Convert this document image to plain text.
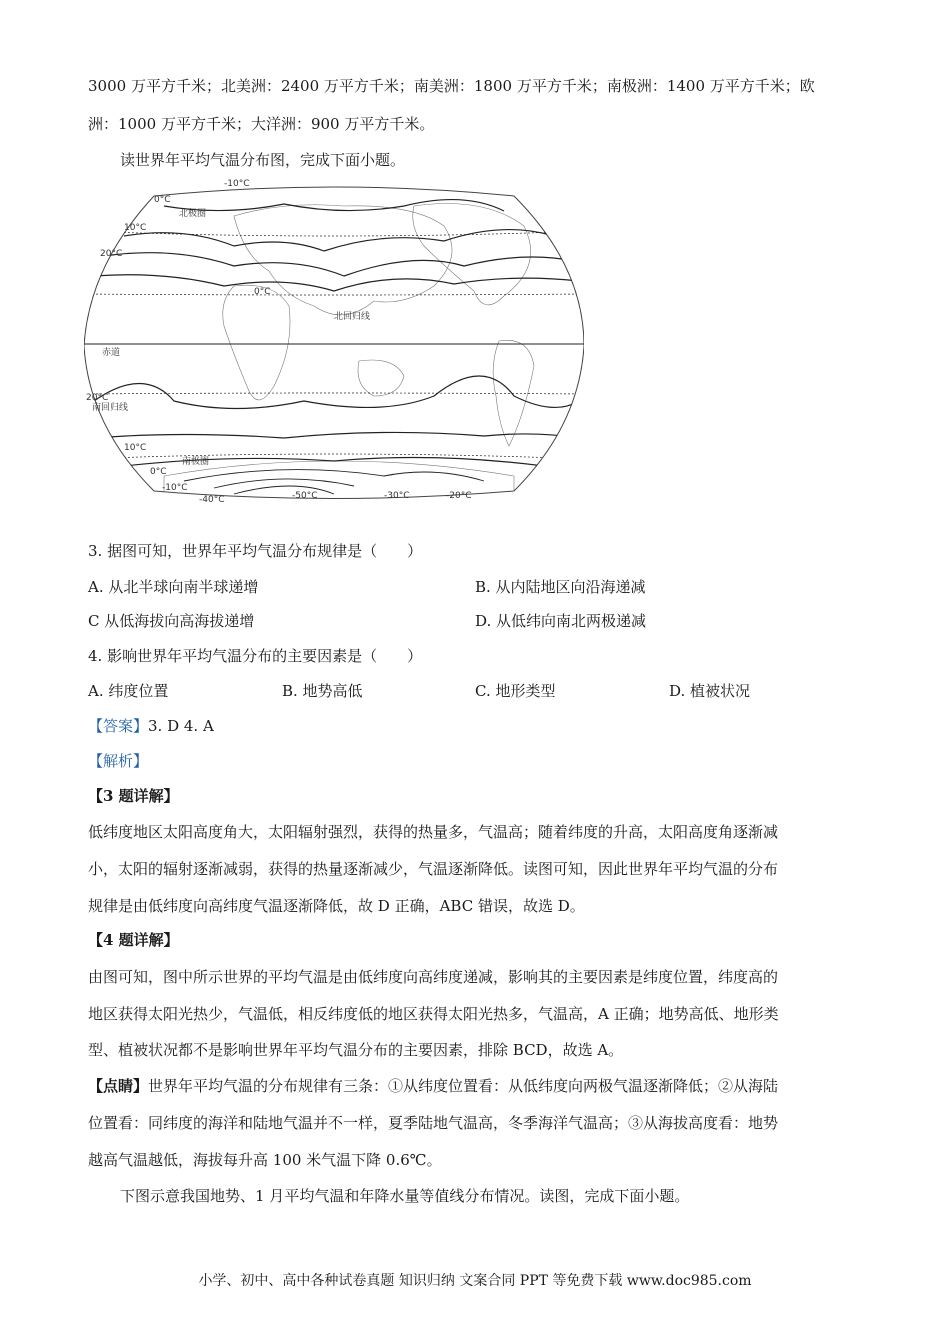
3000 万平方千米；北美洲：2400 万平方千米；南美洲：1800 万平方千米；南极洲：1400 万平方千米；欧
洲：1000 万平方千米；大洋洲：900 万平方千米。
读世界年平均气温分布图，完成下面小题。
-10°C
0°C
北极圈
10°C
20°C
0°C
北回归线
赤道
20°C
南回归线
10°C
南极圈
0°C
-10°C
-40°C	-50°C	-30°C	-20°C
3. 据图可知，世界年平均气温分布规律是（　　）
A. 从北半球向南半球递增	B. 从内陆地区向沿海递减
C 从低海拔向高海拔递增	D. 从低纬向南北两极递减
4. 影响世界年平均气温分布的主要因素是（　　）
A. 纬度位置	B. 地势高低	C. 地形类型	D. 植被状况
【答案】3. D 4. A
【解析】
【3 题详解】
低纬度地区太阳高度角大，太阳辐射强烈，获得的热量多，气温高；随着纬度的升高，太阳高度角逐渐减
小，太阳的辐射逐渐减弱，获得的热量逐渐减少，气温逐渐降低。读图可知，因此世界年平均气温的分布
规律是由低纬度向高纬度气温逐渐降低，故 D 正确，ABC 错误，故选 D。
【4 题详解】
由图可知，图中所示世界的平均气温是由低纬度向高纬度递减，影响其的主要因素是纬度位置，纬度高的
地区获得太阳光热少，气温低，相反纬度低的地区获得太阳光热多，气温高，A 正确；地势高低、地形类
型、植被状况都不是影响世界年平均气温分布的主要因素，排除 BCD，故选 A。
【点睛】世界年平均气温的分布规律有三条：①从纬度位置看：从低纬度向两极气温逐渐降低；②从海陆
位置看：同纬度的海洋和陆地气温并不一样，夏季陆地气温高，冬季海洋气温高；③从海拔高度看：地势
越高气温越低，海拔每升高 100 米气温下降 0.6℃。
下图示意我国地势、1 月平均气温和年降水量等值线分布情况。读图，完成下面小题。
小学、初中、高中各种试卷真题 知识归纳 文案合同 PPT 等免费下载 www.doc985.com
